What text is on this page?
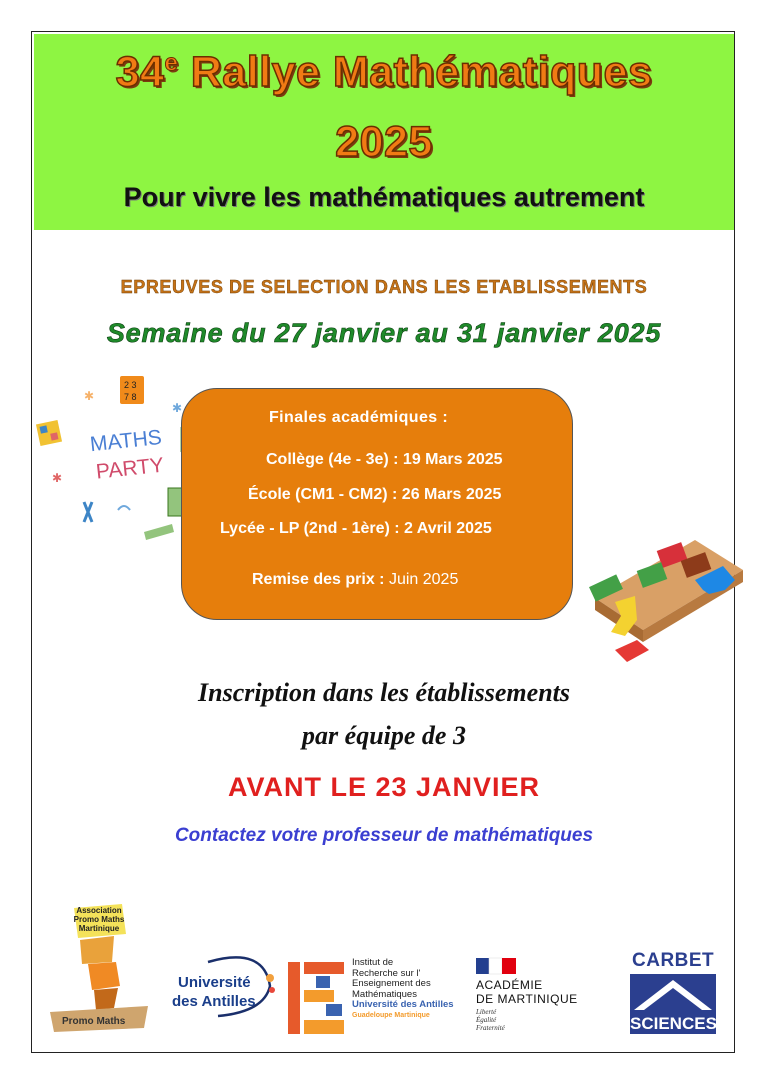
34e Rallye Mathématiques
2025
Pour vivre les mathématiques autrement
EPREUVES DE SELECTION DANS LES ETABLISSEMENTS
Semaine du 27 janvier au 31 janvier 2025
2 3
7 8
MATHS
PARTY
✱
✱
✱
Finales académiques :
Collège (4e - 3e) : 19 Mars 2025
École (CM1 - CM2) : 26 Mars 2025
Lycée - LP (2nd - 1ère) : 2 Avril 2025
Remise des prix : Juin 2025
Inscription dans les établissements
par équipe de 3
AVANT LE 23 JANVIER
Contactez votre professeur de mathématiques
Association
Promo Maths
Martinique
Promo Maths
Université
des Antilles
Institut de
Recherche sur l'
Enseignement des
Mathématiques
Université des Antilles
Guadeloupe Martinique
ACADÉMIE
DE MARTINIQUE
Liberté
Égalité
Fraternité
CARBET
SCIENCES
